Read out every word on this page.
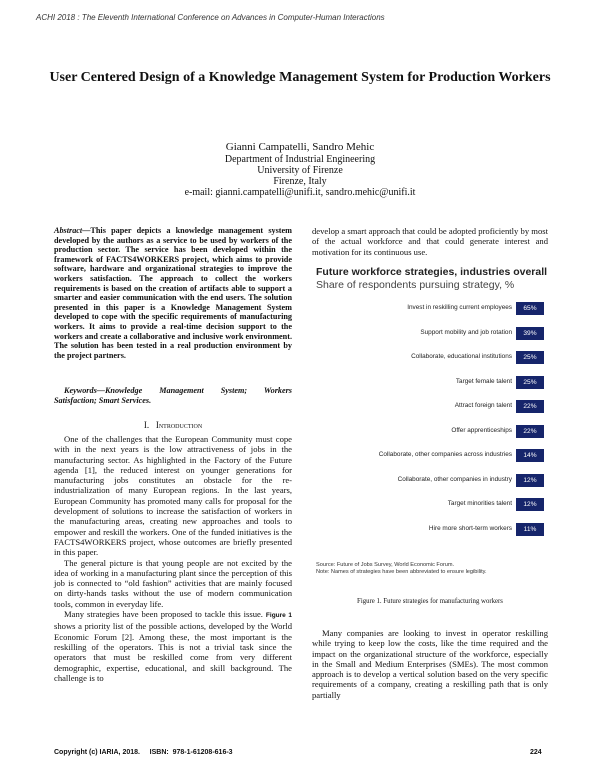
ACHI 2018 : The Eleventh International Conference on Advances in Computer-Human Interactions
User Centered Design of a Knowledge Management System for Production Workers
Gianni Campatelli, Sandro Mehic
Department of Industrial Engineering
University of Firenze
Firenze, Italy
e-mail: gianni.campatelli@unifi.it, sandro.mehic@unifi.it
Abstract—This paper depicts a knowledge management system developed by the authors as a service to be used by workers of the production sector. The service has been developed within the framework of FACTS4WORKERS project, which aims to provide software, hardware and organizational strategies to improve the workers satisfaction. The approach to collect the workers requirements is based on the creation of artifacts able to support a smarter and easier communication with the end users. The solution presented in this paper is a Knowledge Management System developed to cope with the specific requirements of manufacturing workers. It aims to provide a real-time decision support to the workers and create a collaborative and inclusive work environment. The solution has been tested in a real production environment by the project partners.
Keywords—Knowledge Management System; Workers Satisfaction; Smart Services.
I. Introduction

One of the challenges that the European Community must cope with in the next years is the low attractiveness of jobs in the manufacturing sector. As highlighted in the Factory of the Future agenda [1], the reduced interest on younger generations for manufacturing jobs constitutes an obstacle for the re-industrialization of many European regions. In the last years, European Community has promoted many calls for proposal for the development of solutions to increase the satisfaction of workers in the manufacturing areas, creating new approaches and tools to empower and reskill the workers. One of the funded initiatives is the FACTS4WORKERS project, whose outcomes are briefly presented in this paper.

The general picture is that young people are not excited by the idea of working in a manufacturing plant since the perception of this job is connected to “old fashion” activities that are mainly focused on dirty-hands tasks without the use of modern communication tools, common in everyday life.

Many strategies have been proposed to tackle this issue. Figure 1 shows a priority list of the possible actions, developed by the World Economic Forum [2]. Among these, the most important is the reskilling of the operators. This is not a trivial task since the operators that must be reskilled come from very different demographic, expertise, educational, and skill background. The challenge is to

develop a smart approach that could be adopted proficiently by most of the actual workforce and that could generate interest and motivation for its continuous use.
Future workforce strategies, industries overall
Share of respondents pursuing strategy, %
Invest in reskilling current employees	65%
Support mobility and job rotation	39%
Collaborate, educational institutions	25%
Target female talent	25%
Attract foreign talent	22%
Offer apprenticeships	22%
Collaborate, other companies across industries	14%
Collaborate, other companies in industry	12%
Target minorities talent	12%
Hire more short-term workers	11%
Source: Future of Jobs Survey, World Economic Forum.
Note: Names of strategies have been abbreviated to ensure legibility.
Figure 1. Future strategies for manufacturing workers

Many companies are looking to invest in operator reskilling while trying to keep low the costs, like the time required and the impact on the organizational structure of the workforce, especially in the Small and Medium Enterprises (SMEs). The most common approach is to develop a vertical solution based on the very specific requirements of a company, creating a reskilling path that is only partially

Copyright (c) IARIA, 2018.     ISBN:  978-1-61208-616-3	224
